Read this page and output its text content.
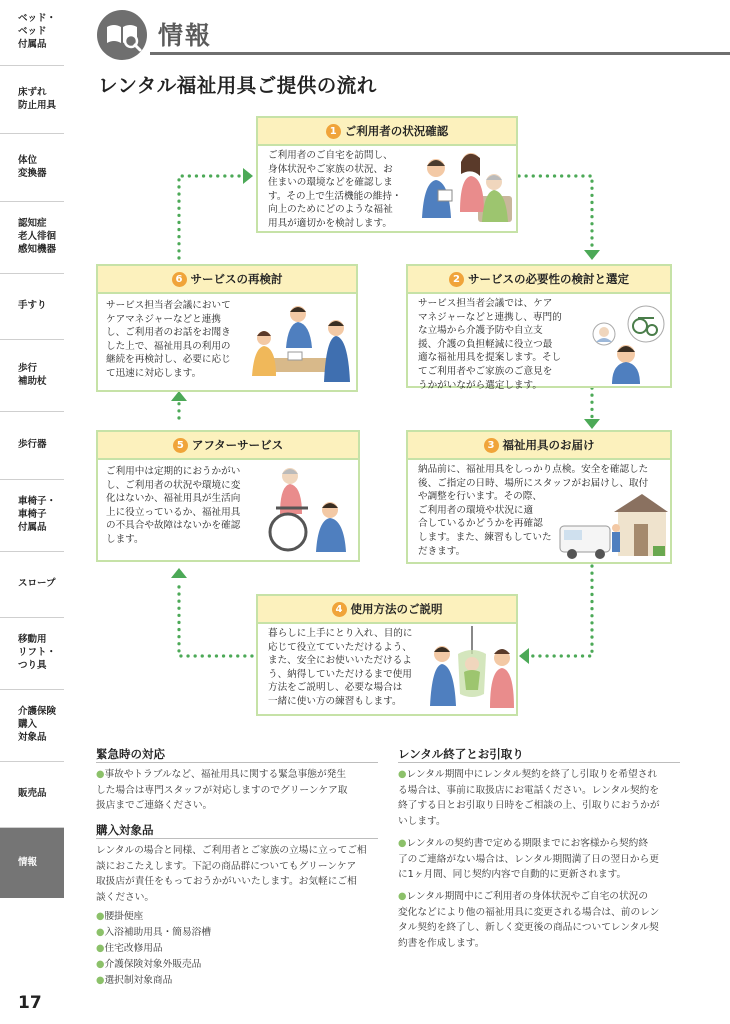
ベッド・
ベッド
付属品
床ずれ
防止用具
体位
変換器
認知症
老人徘徊
感知機器
手すり
歩行
補助杖
歩行器
車椅子・
車椅子
付属品
スロープ
移動用
リフト・
つり具
介護保険
購入
対象品
販売品
情報
17
情報
レンタル福祉用具ご提供の流れ
1 ご利用者の状況確認
ご利用者のご自宅を訪問し、
身体状況やご家族の状況、お
住まいの環境などを確認しま
す。その上で生活機能の維持・
向上のためにどのような福祉
用具が適切かを検討します。
2 サービスの必要性の検討と選定
サービス担当者会議では、ケア
マネジャーなどと連携し、専門的
な立場から介護予防や自立支
援、介護の負担軽減に役立つ最
適な福祉用具を提案します。そし
てご利用者やご家族のご意見を
うかがいながら選定します。
3 福祉用具のお届け
納品前に、福祉用具をしっかり点検。安全を確認した
後、ご指定の日時、場所にスタッフがお届けし、取付
や調整を行います。その際、
ご利用者の環境や状況に適
合しているかどうかを再確認
します。また、練習もしていた
だきます。
4 使用方法のご説明
暮らしに上手にとり入れ、目的に
応じて役立てていただけるよう、
また、安全にお使いいただけるよ
う、納得していただけるまで使用
方法をご説明し、必要な場合は
一緒に使い方の練習もします。
5 アフターサービス
ご利用中は定期的におうかがい
し、ご利用者の状況や環境に変
化はないか、福祉用具が生活向
上に役立っているか、福祉用具
の不具合や故障はないかを確認
します。
6 サービスの再検討
サービス担当者会議において
ケアマネジャーなどと連携
し、ご利用者のお話をお聞き
した上で、福祉用具の利用の
継続を再検討し、必要に応じ
て迅速に対応します。
緊急時の対応
●事故やトラブルなど、福祉用具に関する緊急事態が発生
した場合は専門スタッフが対応しますのでグリーンケア取
扱店までご連絡ください。
購入対象品
レンタルの場合と同様、ご利用者とご家族の立場に立ってご相
談におこたえします。下記の商品群についてもグリーンケア
取扱店が責任をもっておうかがいいたします。お気軽にご相
談ください。
●腰掛便座
●入浴補助用具・簡易浴槽
●住宅改修用品
●介護保険対象外販売品
●選択制対象商品
レンタル終了とお引取り
●レンタル期間中にレンタル契約を終了し引取りを希望され
る場合は、事前に取扱店にお電話ください。レンタル契約を
終了する日とお引取り日時をご相談の上、引取りにおうかが
いします。
●レンタルの契約書で定める期限までにお客様から契約終
了のご連絡がない場合は、レンタル期間満了日の翌日から更
に1ヶ月間、同じ契約内容で自動的に更新されます。
●レンタル期間中にご利用者の身体状況やご自宅の状況の
変化などにより他の福祉用具に変更される場合は、前のレン
タル契約を終了し、新しく変更後の商品についてレンタル契
約書を作成します。
